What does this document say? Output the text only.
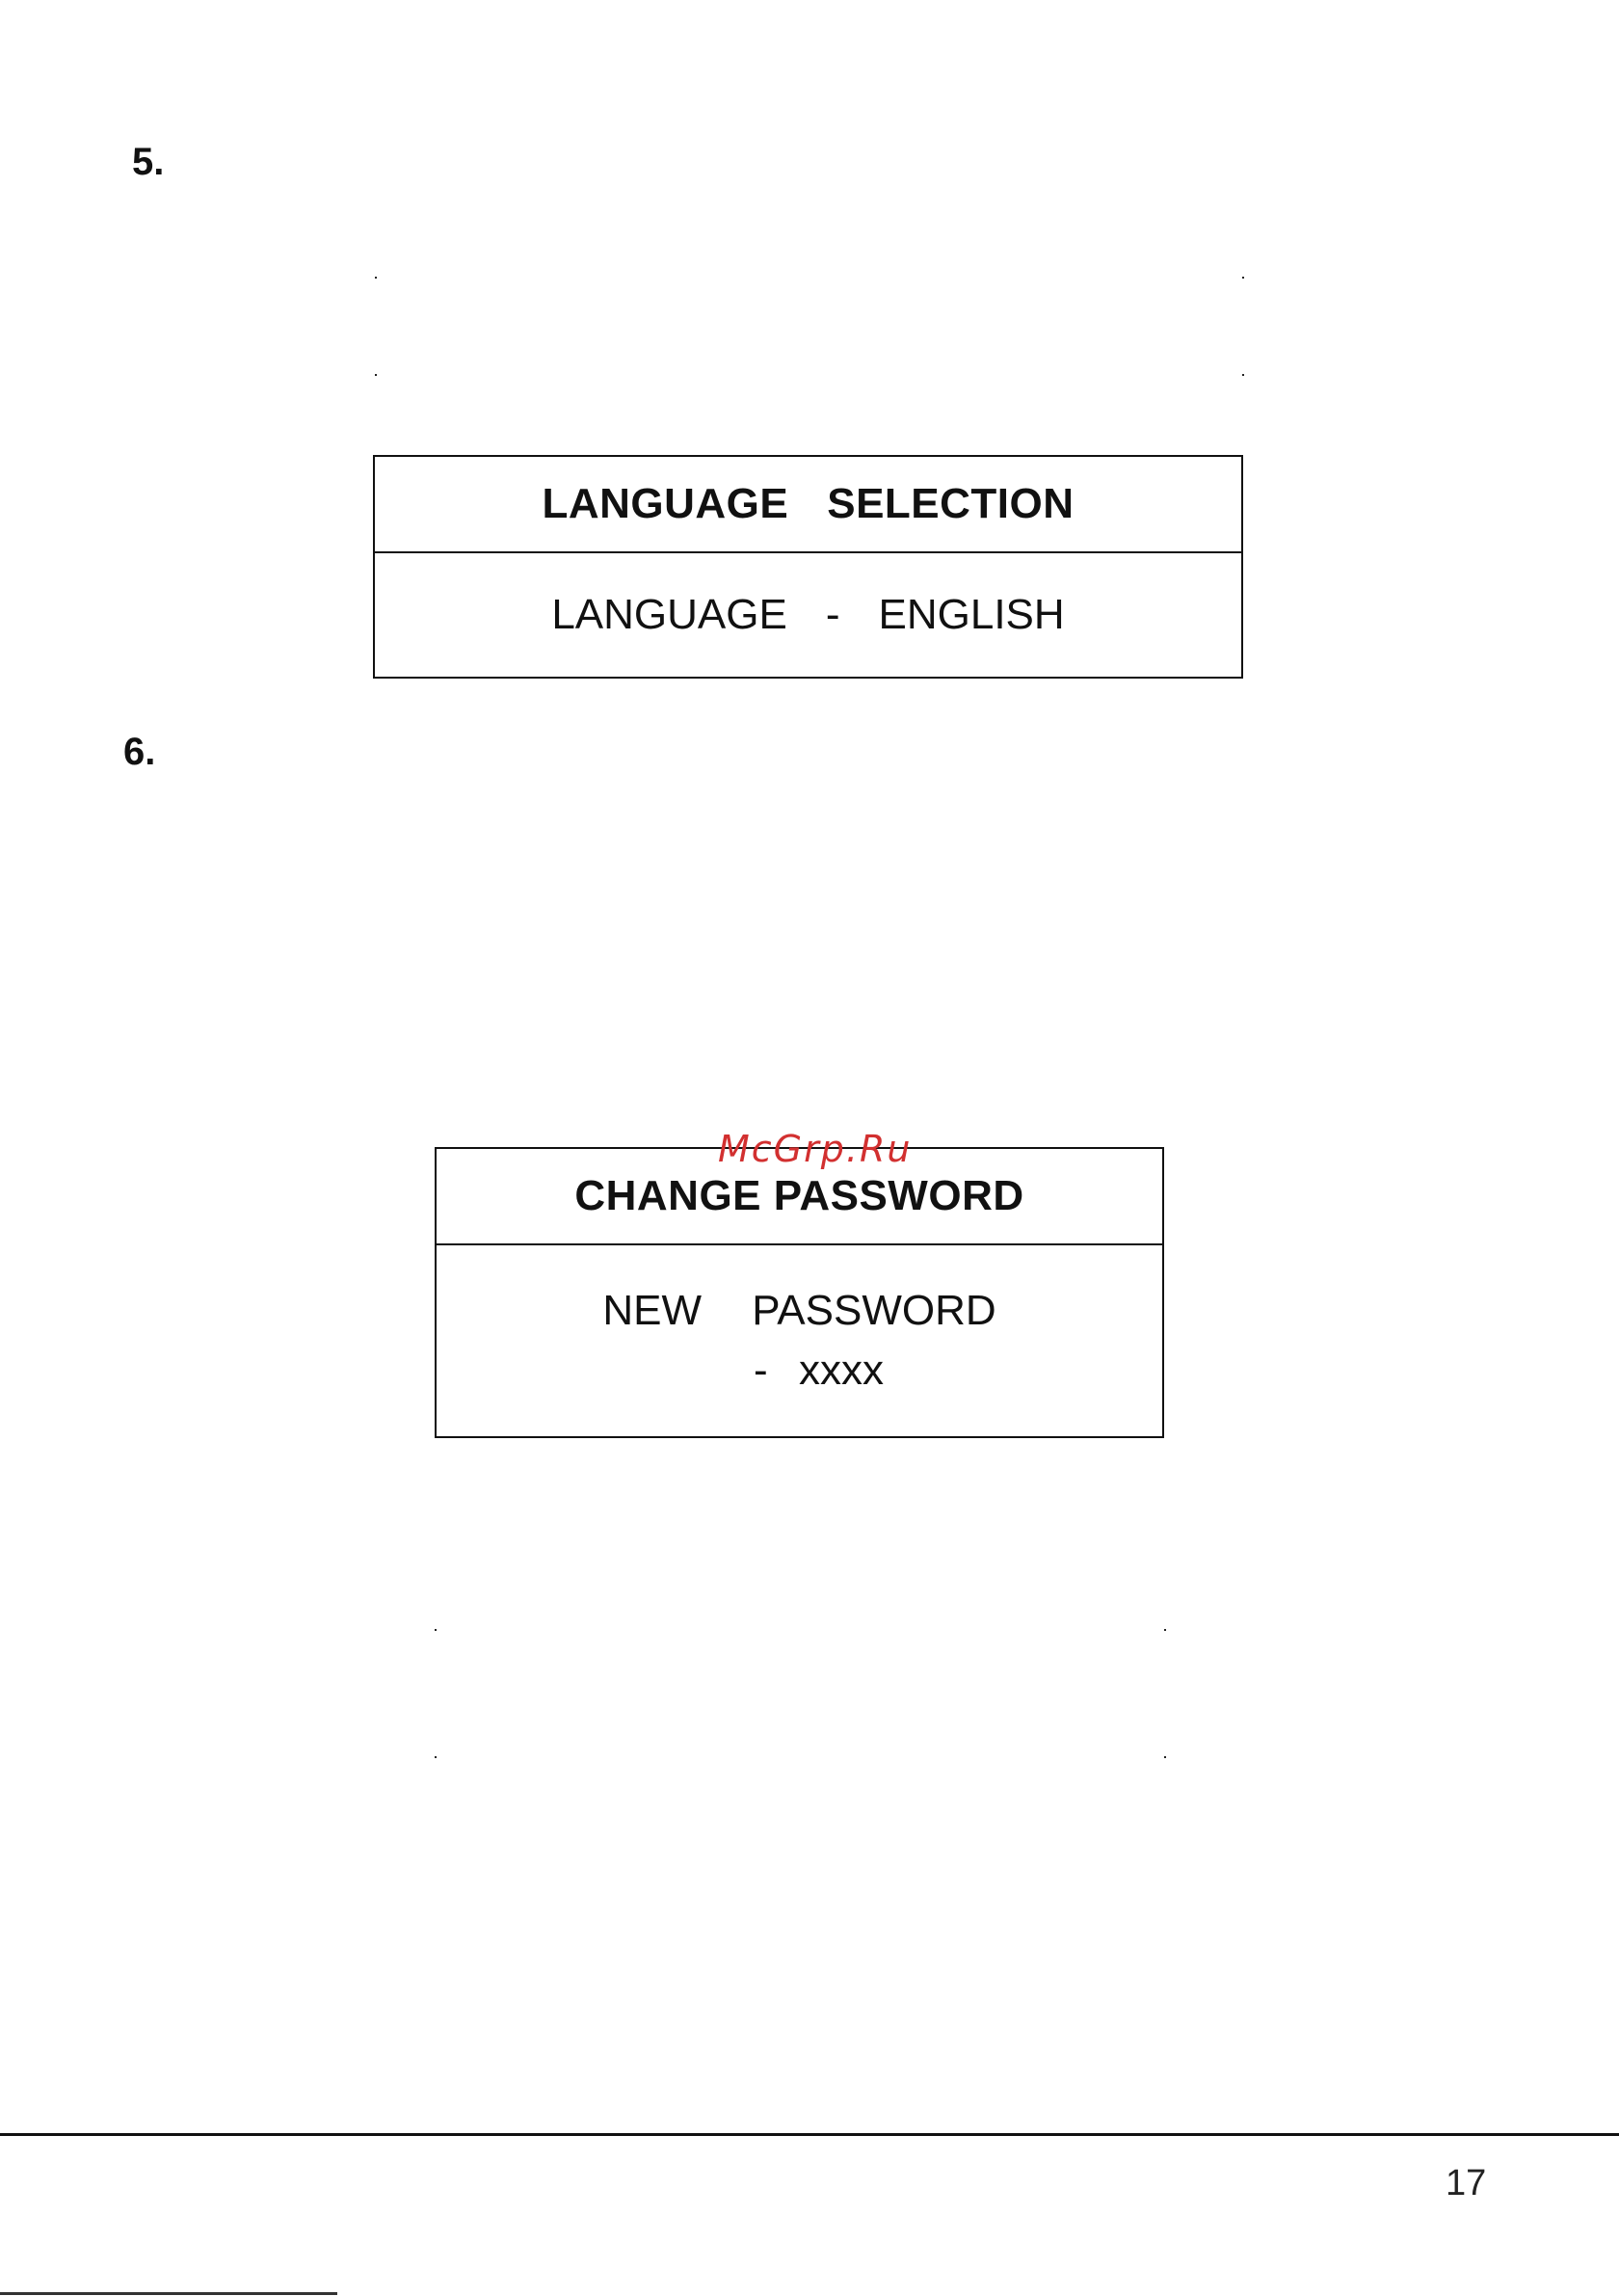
5.
LANGUAGE SELECTION
LANGUAGE - ENGLISH
6.
CHANGE PASSWORD
NEW PASSWORD
- xxxx
McGrp.Ru
17
